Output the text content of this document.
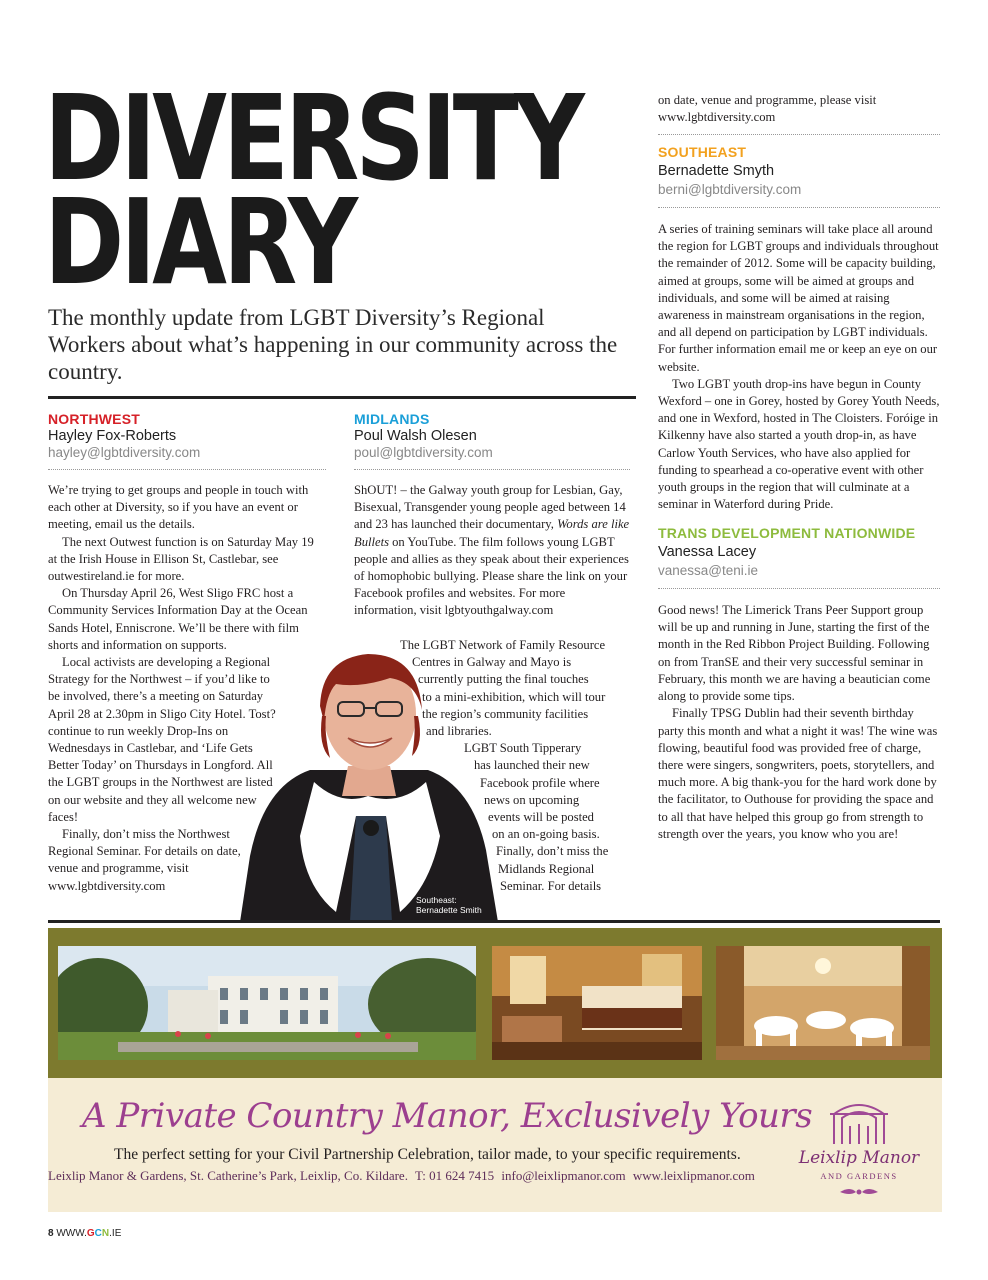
DIVERSITY
DIARY
The monthly update from LGBT Diversity’s Regional Workers about what’s happening in our community across the country.
NORTHWEST
Hayley Fox-Roberts
hayley@lgbtdiversity.com

We’re trying to get groups and people in touch with each other at Diversity, so if you have an event or meeting, email us the details.

The next Outwest function is on Saturday May 19 at the Irish House in Ellison St, Castlebar, see outwestireland.ie for more.

On Thursday April 26, West Sligo FRC host a Community Services Information Day at the Ocean Sands Hotel, Enniscrone. We’ll be there with film shorts and information on supports.

Local activists are developing a Regional Strategy for the Northwest – if you’d like to be involved, there’s a meeting on Saturday April 28 at 2.30pm in Sligo City Hotel. Tost? continue to run weekly Drop-Ins on Wednesdays in Castlebar, and ‘Life Gets Better Today’ on Thursdays in Longford. All the LGBT groups in the Northwest are listed on our website and they all welcome new faces!

Finally, don’t miss the Northwest Regional Seminar. For details on date, venue and programme, visit www.lgbtdiversity.com

MIDLANDS
Poul Walsh Olesen
poul@lgbtdiversity.com

ShOUT! – the Galway youth group for Lesbian, Gay, Bisexual, Transgender young people aged between 14 and 23 has launched their documentary, Words are like Bullets on YouTube. The film follows young LGBT people and allies as they speak about their experiences of homophobic bullying. Please share the link on your Facebook profiles and websites. For more information, visit lgbtyouthgalway.com

The LGBT Network of Family Resource
Centres in Galway and Mayo is
currently putting the final touches
to a mini-exhibition, which will tour
the region’s community facilities
and libraries.
LGBT South Tipperary
has launched their new
Facebook profile where
news on upcoming
events will be posted
on an on-going basis.
Finally, don’t miss the
Midlands Regional
Seminar. For details
Southeast:
Bernadette Smith
on date, venue and programme, please visit www.lgbtdiversity.com
SOUTHEAST
Bernadette Smyth
berni@lgbtdiversity.com

A series of training seminars will take place all around the region for LGBT groups and individuals throughout the remainder of 2012. Some will be capacity building, aimed at groups, some will be aimed at groups and individuals, and some will be aimed at raising awareness in mainstream organisations in the region, and all depend on participation by LGBT individuals. For further information email me or keep an eye on our website.

Two LGBT youth drop-ins have begun in County Wexford – one in Gorey, hosted by Gorey Youth Needs, and one in Wexford, hosted in The Cloisters. Foróige in Kilkenny have also started a youth drop-in, as have Carlow Youth Services, who have also applied for funding to spearhead a co-operative event with other youth groups in the region that will culminate at a seminar in Waterford during Pride.

TRANS DEVELOPMENT NATIONWIDE
Vanessa Lacey
vanessa@teni.ie

Good news! The Limerick Trans Peer Support group will be up and running in June, starting the first of the month in the Red Ribbon Project Building. Following on from TranSE and their very successful seminar in February, this month we are having a beautician come along to provide some tips.

Finally TPSG Dublin had their seventh birthday party this month and what a night it was! The wine was flowing, beautiful food was provided free of charge, there were singers, songwriters, poets, storytellers, and much more. A big thank-you for the hard work done by the facilitator, to Outhouse for providing the space and to all that have helped this group go from strength to strength over the years, you know who you are!

A Private Country Manor, Exclusively Yours
The perfect setting for your Civil Partnership Celebration, tailor made, to your specific requirements.
Leixlip Manor & Gardens, St. Catherine’s Park, Leixlip, Co. Kildare. T: 01 624 7415 info@leixlipmanor.com www.leixlipmanor.com
Leixlip Manor
AND GARDENS
8 WWW.GCN.IE
